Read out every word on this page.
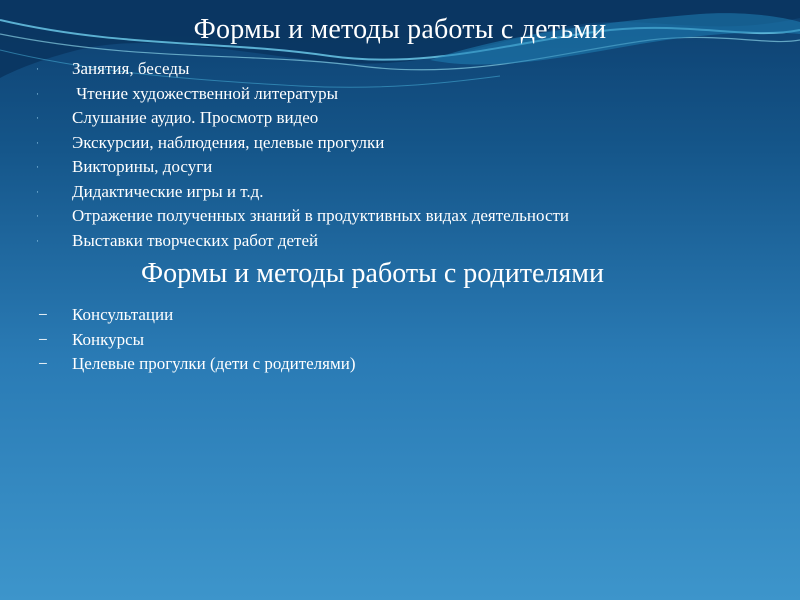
Формы и методы работы с детьми
·	Занятия, беседы
·	Чтение художественной литературы
·	Слушание аудио. Просмотр видео
·	Экскурсии, наблюдения, целевые прогулки
·	Викторины, досуги
·	Дидактические игры и т.д.
·	Отражение полученных знаний в продуктивных видах деятельности
·	Выставки творческих работ детей
Формы и методы работы с родителями
− Консультации
− Конкурсы
− Целевые прогулки (дети с родителями)
